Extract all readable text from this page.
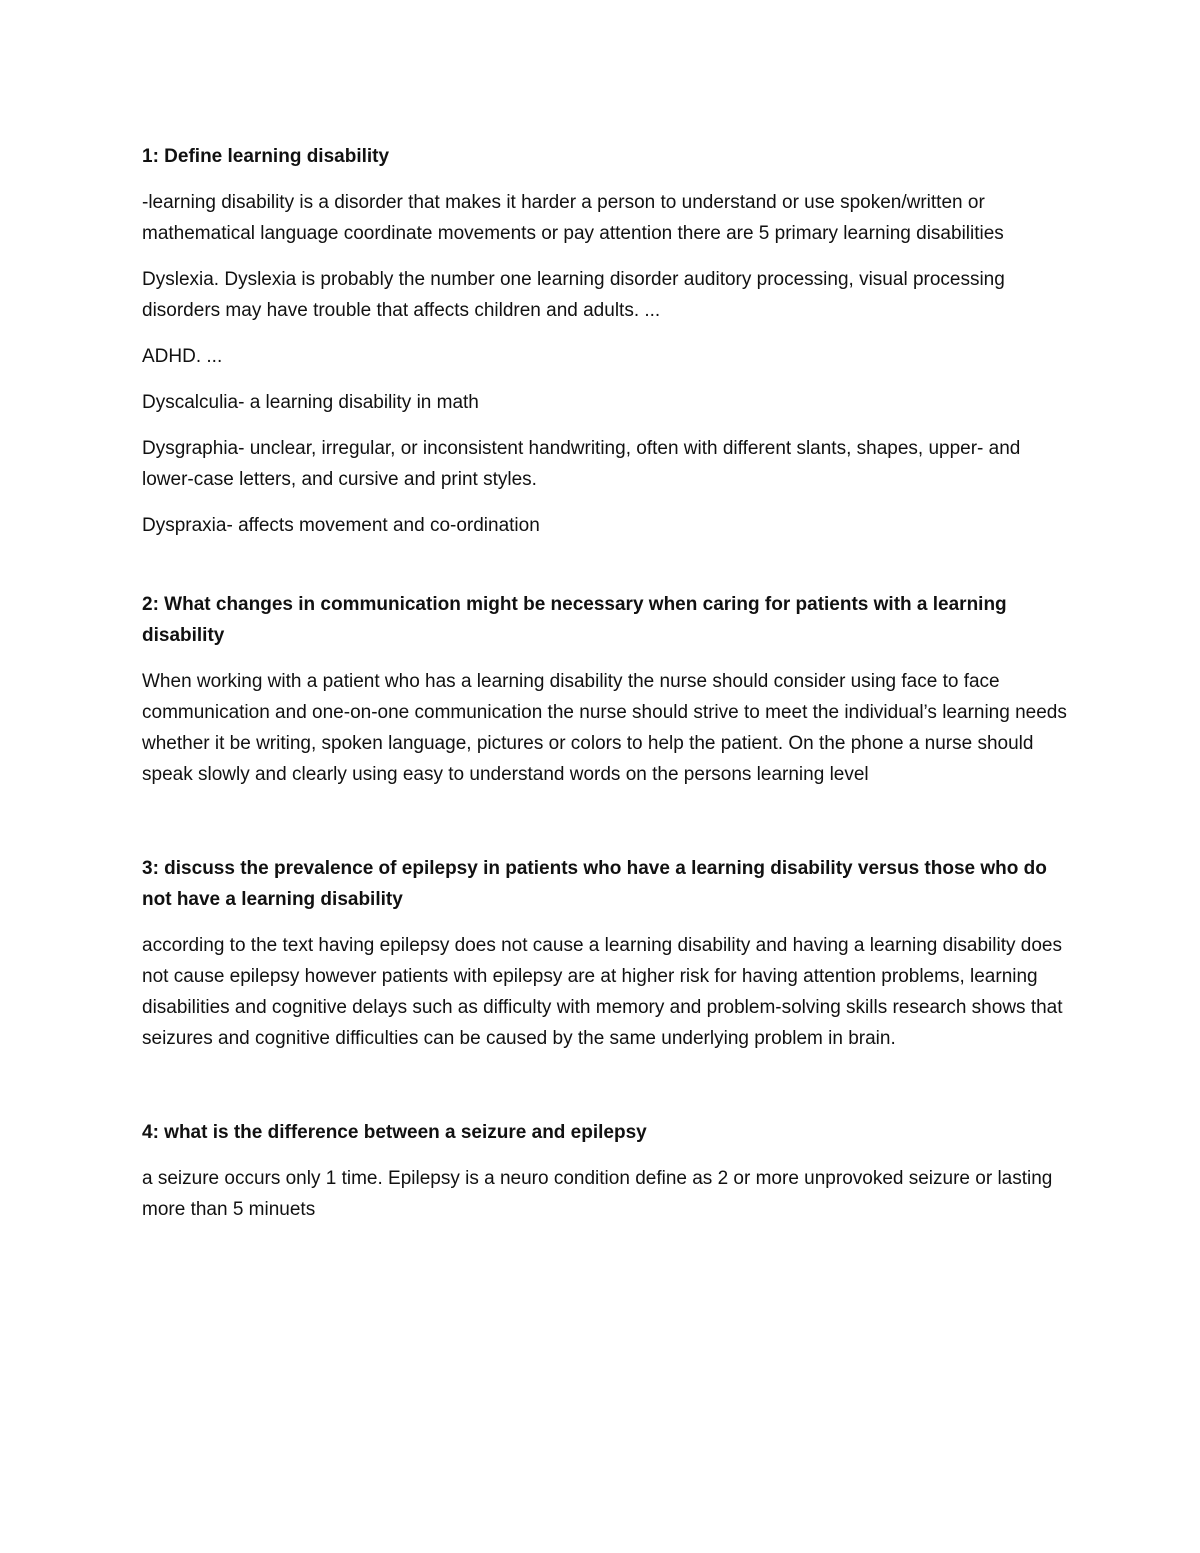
1: Define learning disability

-learning disability is a disorder that makes it harder a person to understand or use spoken/written or mathematical language coordinate movements or pay attention there are 5 primary learning disabilities

Dyslexia. Dyslexia is probably the number one learning disorder auditory processing, visual processing disorders may have trouble that affects children and adults. ...

ADHD. ...

Dyscalculia- a learning disability in math

Dysgraphia- unclear, irregular, or inconsistent handwriting, often with different slants, shapes, upper- and lower-case letters, and cursive and print styles.

Dyspraxia- affects movement and co-ordination

2: What changes in communication might be necessary when caring for patients with a learning disability

When working with a patient who has a learning disability the nurse should consider using face to face communication and one-on-one communication the nurse should strive to meet the individual’s learning needs whether it be writing, spoken language, pictures or colors to help the patient. On the phone a nurse should speak slowly and clearly using easy to understand words on the persons learning level

3: discuss the prevalence of epilepsy in patients who have a learning disability versus those who do not have a learning disability

according to the text having epilepsy does not cause a learning disability and having a learning disability does not cause epilepsy however patients with epilepsy are at higher risk for having attention problems, learning disabilities and cognitive delays such as difficulty with memory and problem-solving skills research shows that seizures and cognitive difficulties can be caused by the same underlying problem in brain.

4: what is the difference between a seizure and epilepsy

a seizure occurs only 1 time. Epilepsy is a neuro condition define as 2 or more unprovoked seizure or lasting more than 5 minuets
